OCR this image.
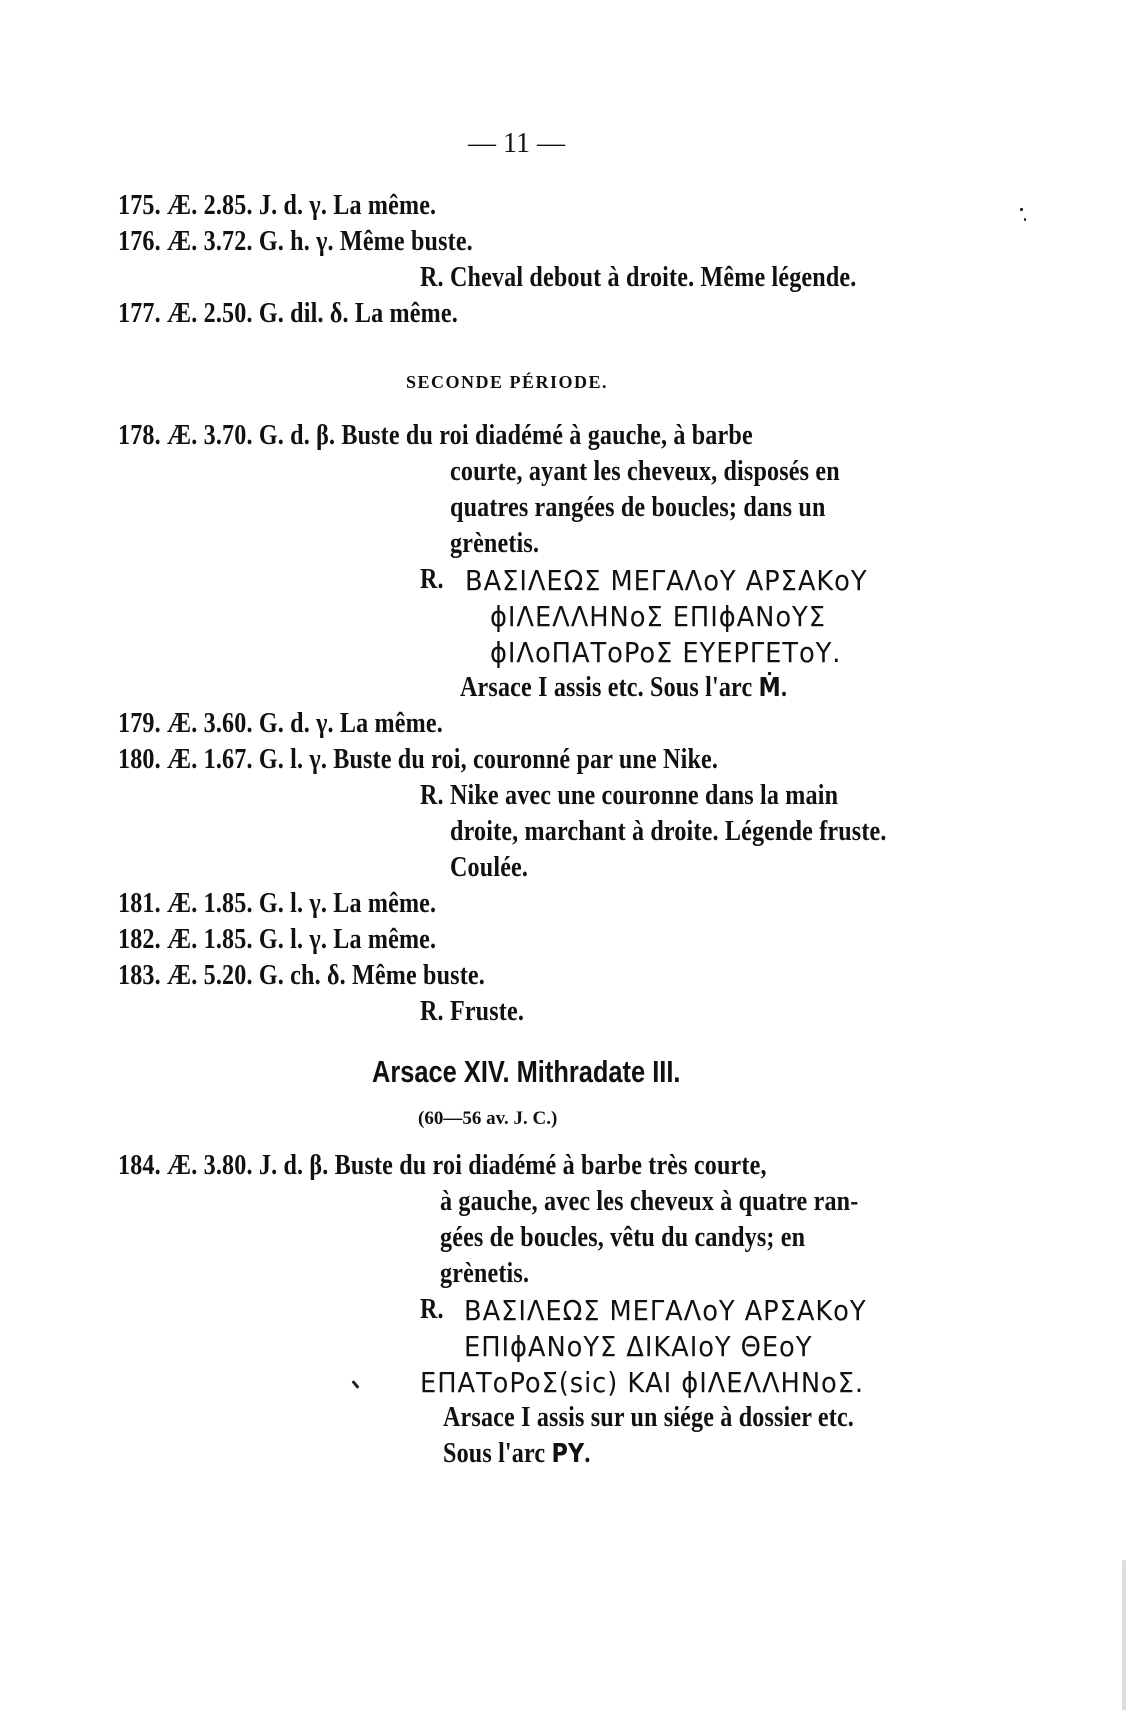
— 11 —
175. Æ. 2.85. J. d. γ. La même.
176. Æ. 3.72. G. h. γ. Même buste.
R. Cheval debout à droite. Même légende.
177. Æ. 2.50. G. dil. δ. La même.
SECONDE PÉRIODE.
178. Æ. 3.70. G. d. β. Buste du roi diadémé à gauche, à barbe
courte, ayant les cheveux, disposés en
quatres rangées de boucles; dans un
grènetis.
R. ΒΑΣΙΛΕΩΣ ΜΕΓΑΛoΥ ΑΡΣΑΚoΥ
ϕΙΛΕΛΛΗΝoΣ ΕΠΙϕΑΝoΥΣ
ϕΙΛoΠΑΤoPoΣ ΕΥΕΡΓΕΤoΥ.
Arsace I assis etc. Sous l'arc Ṁ.
179. Æ. 3.60. G. d. γ. La même.
180. Æ. 1.67. G. l. γ. Buste du roi, couronné par une Nike.
R. Nike avec une couronne dans la main
droite, marchant à droite. Légende fruste.
Coulée.
181. Æ. 1.85. G. l. γ. La même.
182. Æ. 1.85. G. l. γ. La même.
183. Æ. 5.20. G. ch. δ. Même buste.
R. Fruste.
Arsace XIV. Mithradate III.
(60—56 av. J. C.)
184. Æ. 3.80. J. d. β. Buste du roi diadémé à barbe très courte,
à gauche, avec les cheveux à quatre ran-
gées de boucles, vêtu du candys; en
grènetis.
R. ΒΑΣΙΛΕΩΣ ΜΕΓΑΛoΥ ΑΡΣΑΚoΥ
ΕΠΙϕΑΝoΥΣ ΔΙΚΑΙoΥ ΘΕoΥ
ΕΠΑΤoPoΣ(sic) ΚΑΙ ϕΙΛΕΛΛΗΝoΣ.
Arsace I assis sur un siége à dossier etc.
Sous l'arc PY.
